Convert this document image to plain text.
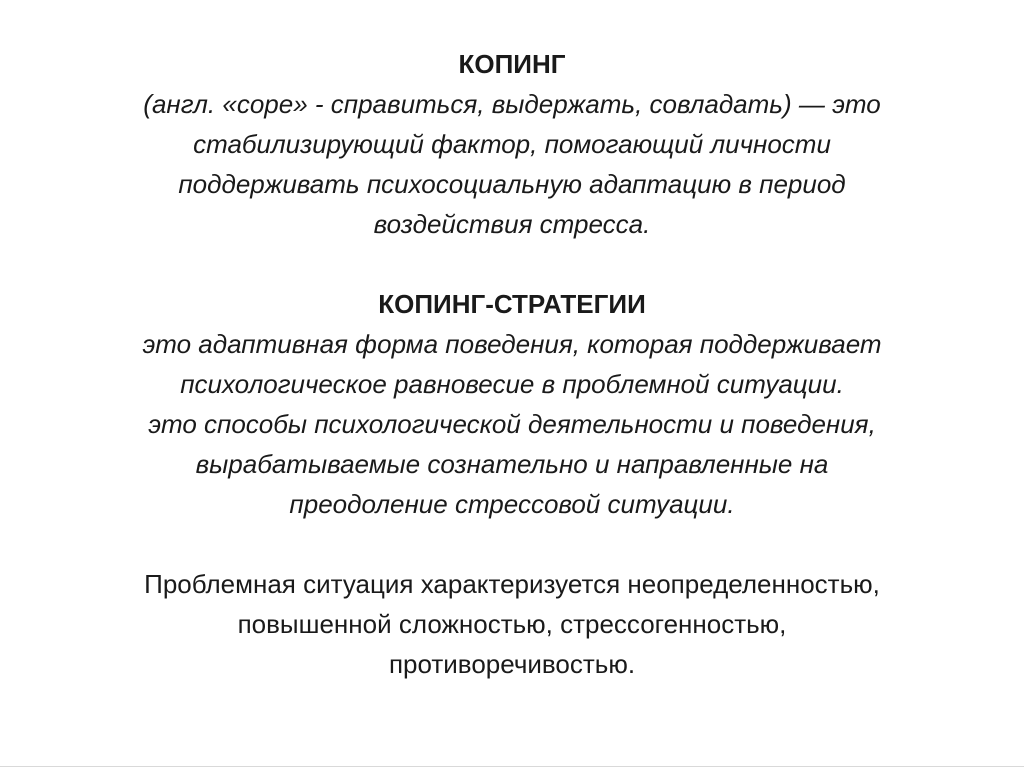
КОПИНГ

(англ. «соре» - справиться, выдержать, совладать) — это
стабилизирующий фактор, помогающий личности
поддерживать психосоциальную адаптацию в период
воздействия стресса.

КОПИНГ-СТРАТЕГИИ

это адаптивная форма поведения, которая поддерживает
психологическое равновесие в проблемной ситуации.
это способы психологической деятельности и поведения,
вырабатываемые сознательно и направленные на
преодоление стрессовой ситуации.

Проблемная ситуация характеризуется неопределенностью,
повышенной сложностью, стрессогенностью,
противоречивостью.
